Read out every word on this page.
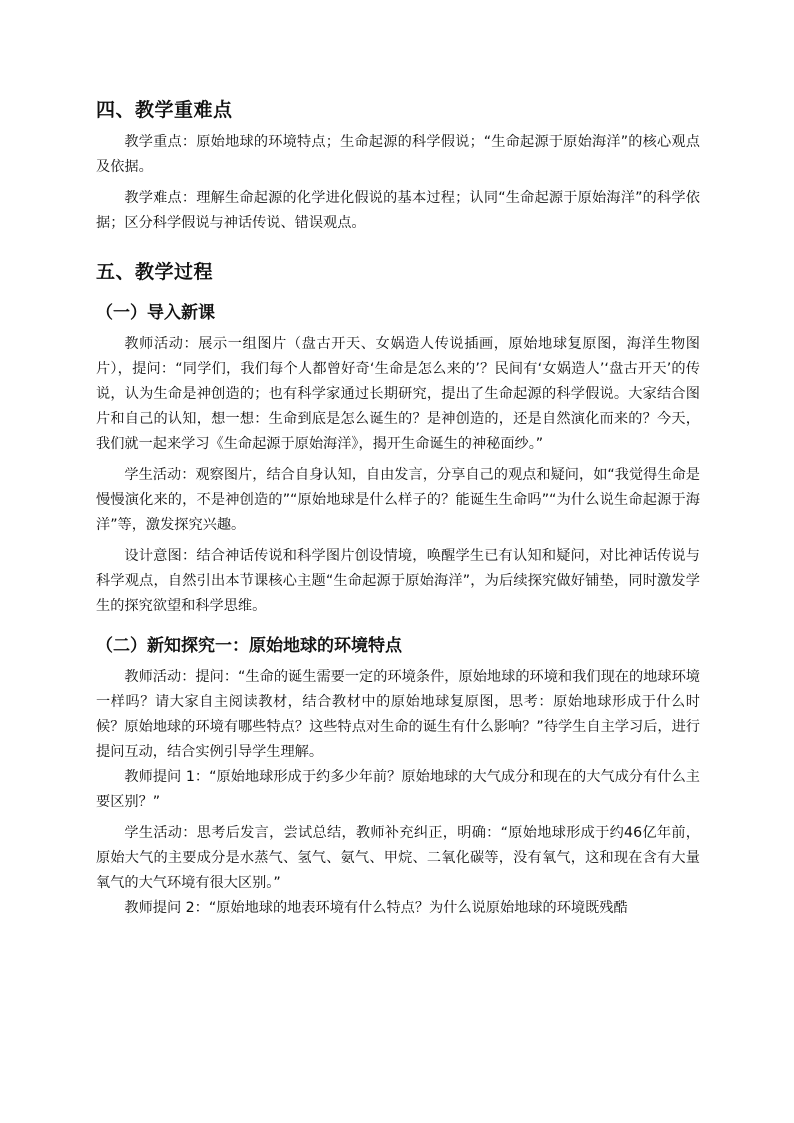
四、教学重难点

教学重点：原始地球的环境特点；生命起源的科学假说；“生命起源于原始海洋”的核心观点及依据。

教学难点：理解生命起源的化学进化假说的基本过程；认同“生命起源于原始海洋”的科学依据；区分科学假说与神话传说、错误观点。

五、教学过程
（一）导入新课

教师活动：展示一组图片（盘古开天、女娲造人传说插画，原始地球复原图，海洋生物图片），提问：“同学们，我们每个人都曾好奇‘生命是怎么来的’？民间有‘女娲造人’‘盘古开天’的传说，认为生命是神创造的；也有科学家通过长期研究，提出了生命起源的科学假说。大家结合图片和自己的认知，想一想：生命到底是怎么诞生的？是神创造的，还是自然演化而来的？今天，我们就一起来学习《生命起源于原始海洋》，揭开生命诞生的神秘面纱。”

学生活动：观察图片，结合自身认知，自由发言，分享自己的观点和疑问，如“我觉得生命是慢慢演化来的，不是神创造的”“原始地球是什么样子的？能诞生生命吗”“为什么说生命起源于海洋”等，激发探究兴趣。

设计意图：结合神话传说和科学图片创设情境，唤醒学生已有认知和疑问，对比神话传说与科学观点，自然引出本节课核心主题“生命起源于原始海洋”，为后续探究做好铺垫，同时激发学生的探究欲望和科学思维。

（二）新知探究一：原始地球的环境特点

教师活动：提问：“生命的诞生需要一定的环境条件，原始地球的环境和我们现在的地球环境一样吗？请大家自主阅读教材，结合教材中的原始地球复原图，思考：原始地球形成于什么时候？原始地球的环境有哪些特点？这些特点对生命的诞生有什么影响？”待学生自主学习后，进行提问互动，结合实例引导学生理解。

教师提问 1：“原始地球形成于约多少年前？原始地球的大气成分和现在的大气成分有什么主要区别？”

学生活动：思考后发言，尝试总结，教师补充纠正，明确：“原始地球形成于约46亿年前，原始大气的主要成分是水蒸气、氢气、氨气、甲烷、二氧化碳等，没有氧气，这和现在含有大量氧气的大气环境有很大区别。”

教师提问 2：“原始地球的地表环境有什么特点？为什么说原始地球的环境既残酷
